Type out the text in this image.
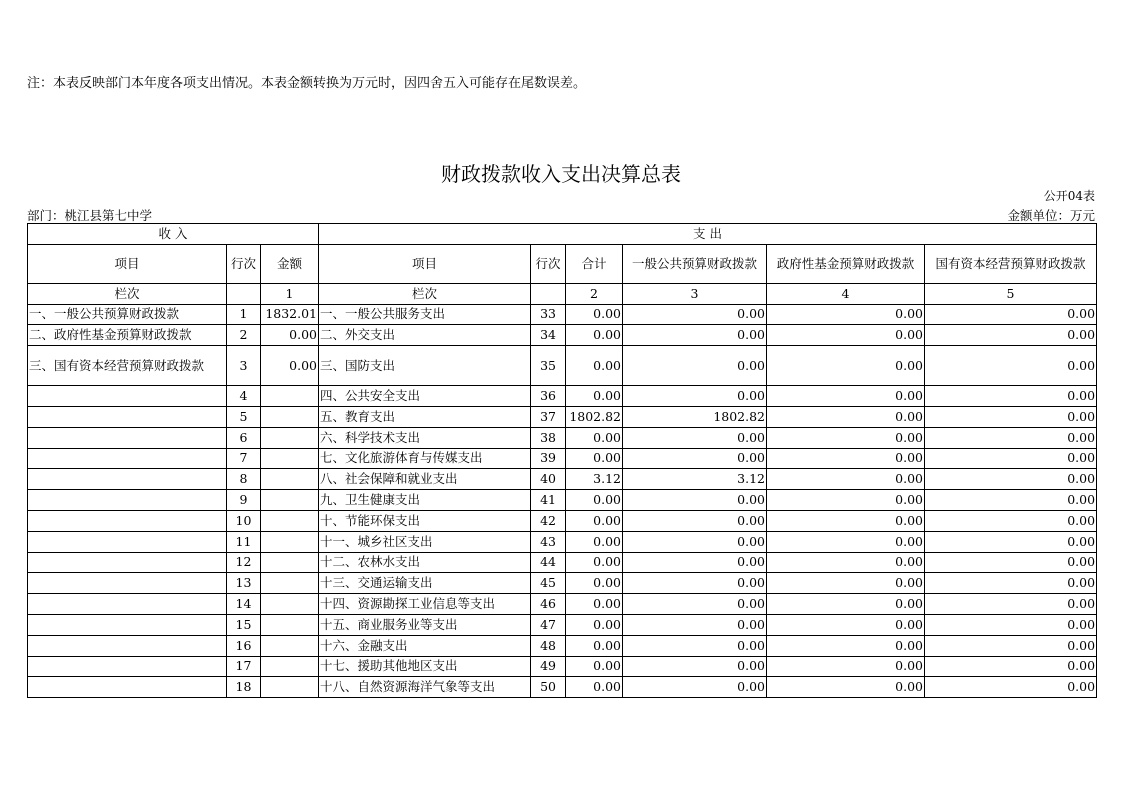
注：本表反映部门本年度各项支出情况。本表金额转换为万元时，因四舍五入可能存在尾数误差。
财政拨款收入支出决算总表
公开04表
部门：桃江县第七中学	金额单位：万元
收 入			支 出					
项目	行次	金额	项目	行次	合计	一般公共预算财政拨款	政府性基金预算财政拨款	国有资本经营预算财政拨款
栏次		1	栏次		2	3	4	5
一、一般公共预算财政拨款	1	1832.01	一、一般公共服务支出	33	0.00	0.00	0.00	0.00
二、政府性基金预算财政拨款	2	0.00	二、外交支出	34	0.00	0.00	0.00	0.00
三、国有资本经营预算财政拨款	3	0.00	三、国防支出	35	0.00	0.00	0.00	0.00
	4		四、公共安全支出	36	0.00	0.00	0.00	0.00
	5		五、教育支出	37	1802.82	1802.82	0.00	0.00
	6		六、科学技术支出	38	0.00	0.00	0.00	0.00
	7		七、文化旅游体育与传媒支出	39	0.00	0.00	0.00	0.00
	8		八、社会保障和就业支出	40	3.12	3.12	0.00	0.00
	9		九、卫生健康支出	41	0.00	0.00	0.00	0.00
	10		十、节能环保支出	42	0.00	0.00	0.00	0.00
	11		十一、城乡社区支出	43	0.00	0.00	0.00	0.00
	12		十二、农林水支出	44	0.00	0.00	0.00	0.00
	13		十三、交通运输支出	45	0.00	0.00	0.00	0.00
	14		十四、资源勘探工业信息等支出	46	0.00	0.00	0.00	0.00
	15		十五、商业服务业等支出	47	0.00	0.00	0.00	0.00
	16		十六、金融支出	48	0.00	0.00	0.00	0.00
	17		十七、援助其他地区支出	49	0.00	0.00	0.00	0.00
	18		十八、自然资源海洋气象等支出	50	0.00	0.00	0.00	0.00
